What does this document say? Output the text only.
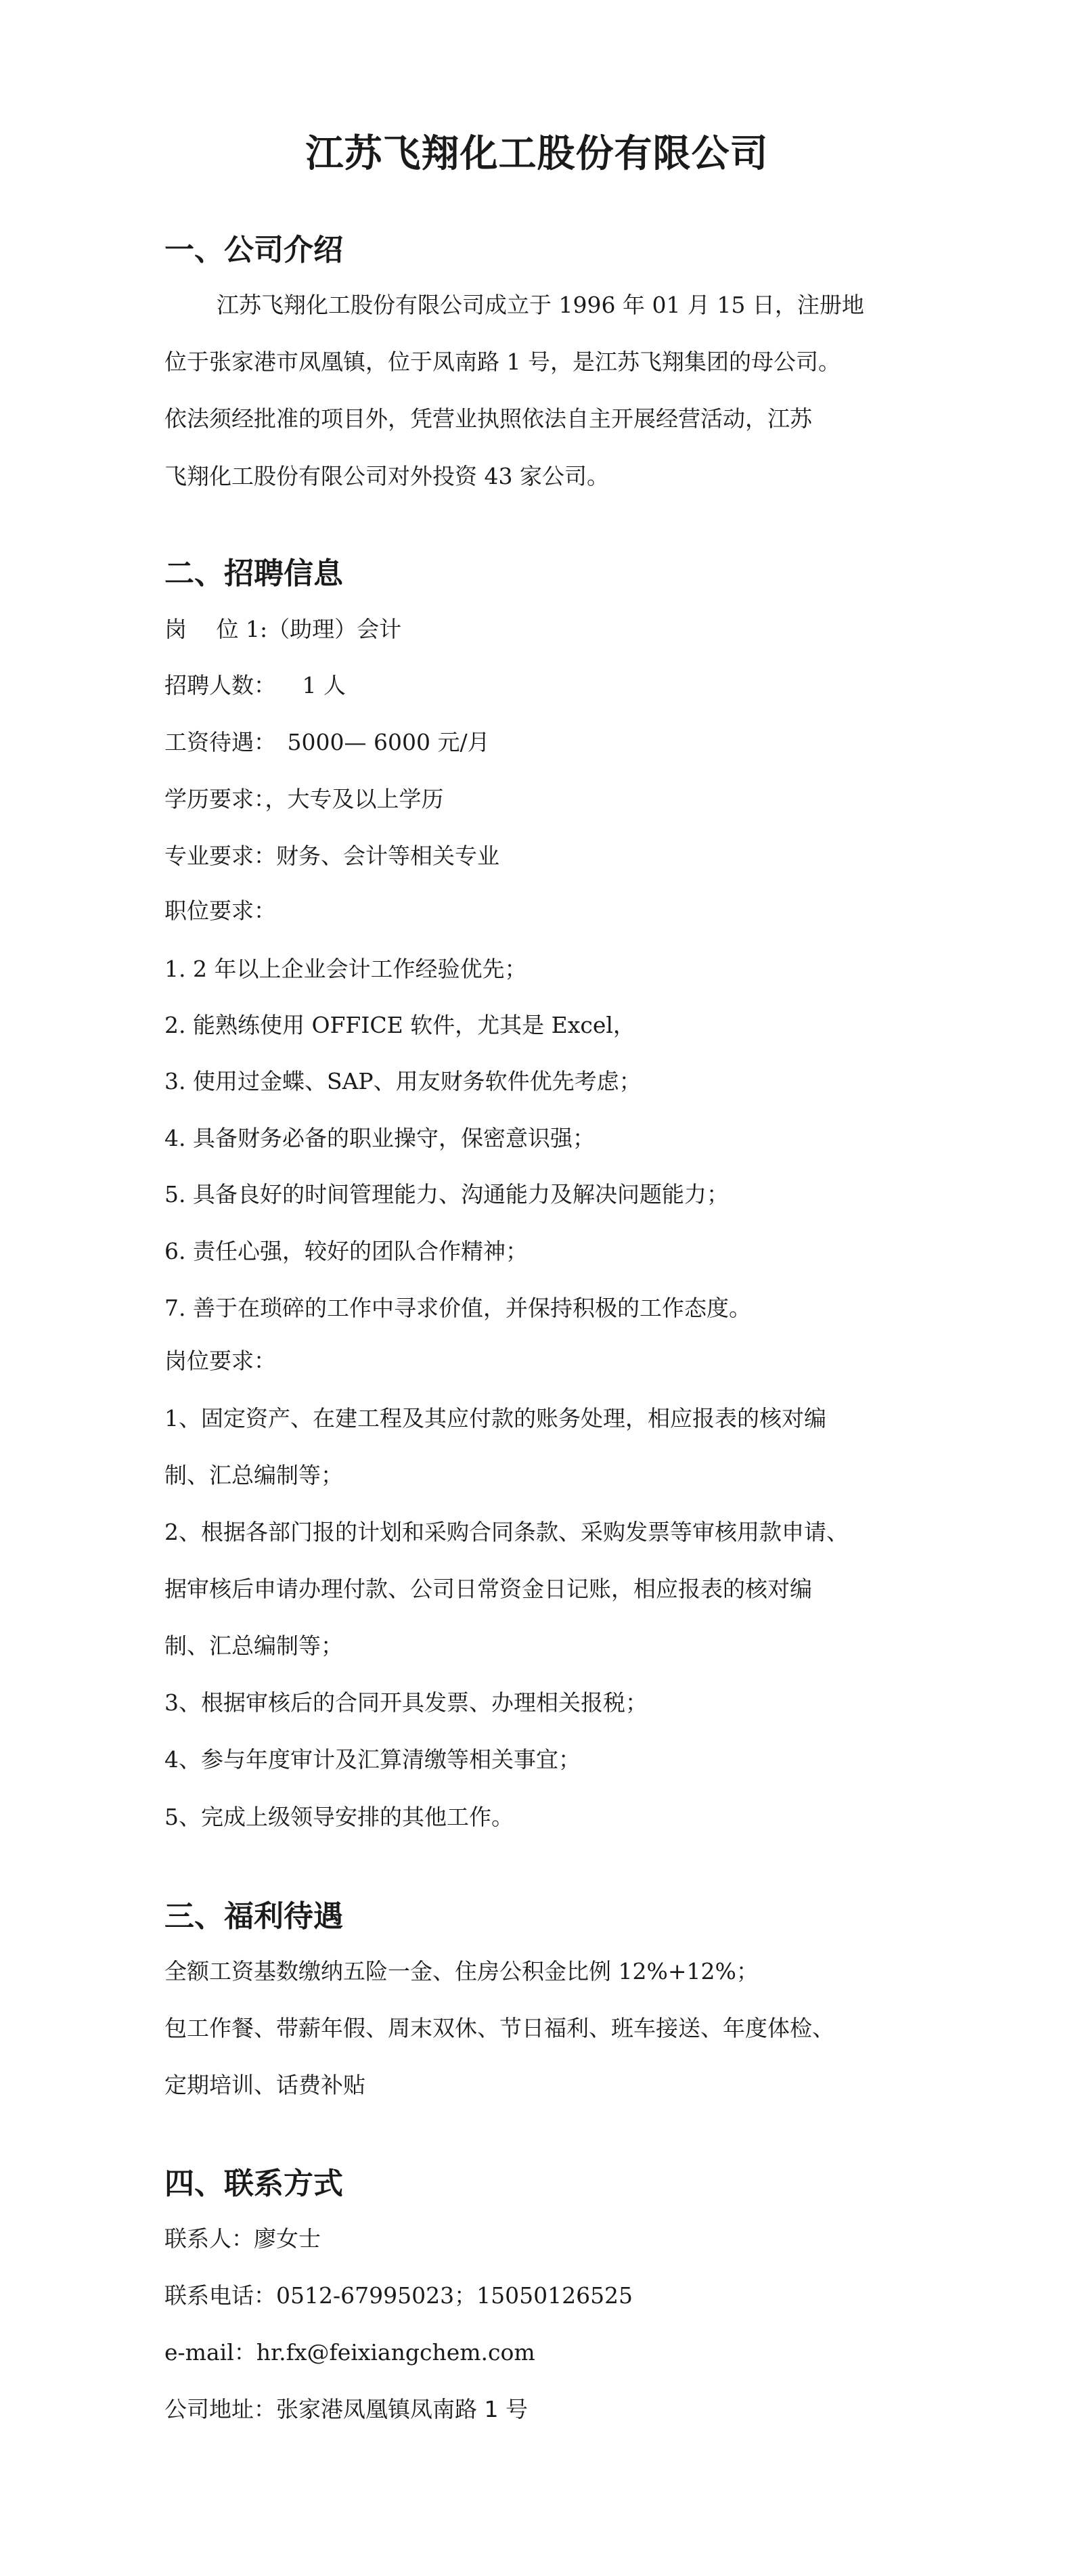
江苏飞翔化工股份有限公司
一、公司介绍
江苏飞翔化工股份有限公司成立于 1996 年 01 月 15 日，注册地
位于张家港市凤凰镇，位于凤南路 1 号，是江苏飞翔集团的母公司。
依法须经批准的项目外，凭营业执照依法自主开展经营活动，江苏
飞翔化工股份有限公司对外投资 43 家公司。
二、招聘信息
岗　 位 1:（助理）会计
招聘人数： 1 人
工资待遇： 5000— 6000 元/月
学历要求：，大专及以上学历
专业要求：财务、会计等相关专业
职位要求：
1. 2 年以上企业会计工作经验优先；
2. 能熟练使用 OFFICE 软件，尤其是 Excel，
3. 使用过金蝶、SAP、用友财务软件优先考虑；
4. 具备财务必备的职业操守，保密意识强；
5. 具备良好的时间管理能力、沟通能力及解决问题能力；
6. 责任心强，较好的团队合作精神；
7. 善于在琐碎的工作中寻求价值，并保持积极的工作态度。
岗位要求：
1、固定资产、在建工程及其应付款的账务处理，相应报表的核对编
制、汇总编制等；
2、根据各部门报的计划和采购合同条款、采购发票等审核用款申请、
据审核后申请办理付款、公司日常资金日记账，相应报表的核对编
制、汇总编制等；
3、根据审核后的合同开具发票、办理相关报税；
4、参与年度审计及汇算清缴等相关事宜；
5、完成上级领导安排的其他工作。
三、福利待遇
全额工资基数缴纳五险一金、住房公积金比例 12%+12%；
包工作餐、带薪年假、周末双休、节日福利、班车接送、年度体检、
定期培训、话费补贴
四、联系方式
联系人：廖女士
联系电话：0512-67995023；15050126525
e-mail：hr.fx@feixiangchem.com
公司地址：张家港凤凰镇凤南路 1 号
